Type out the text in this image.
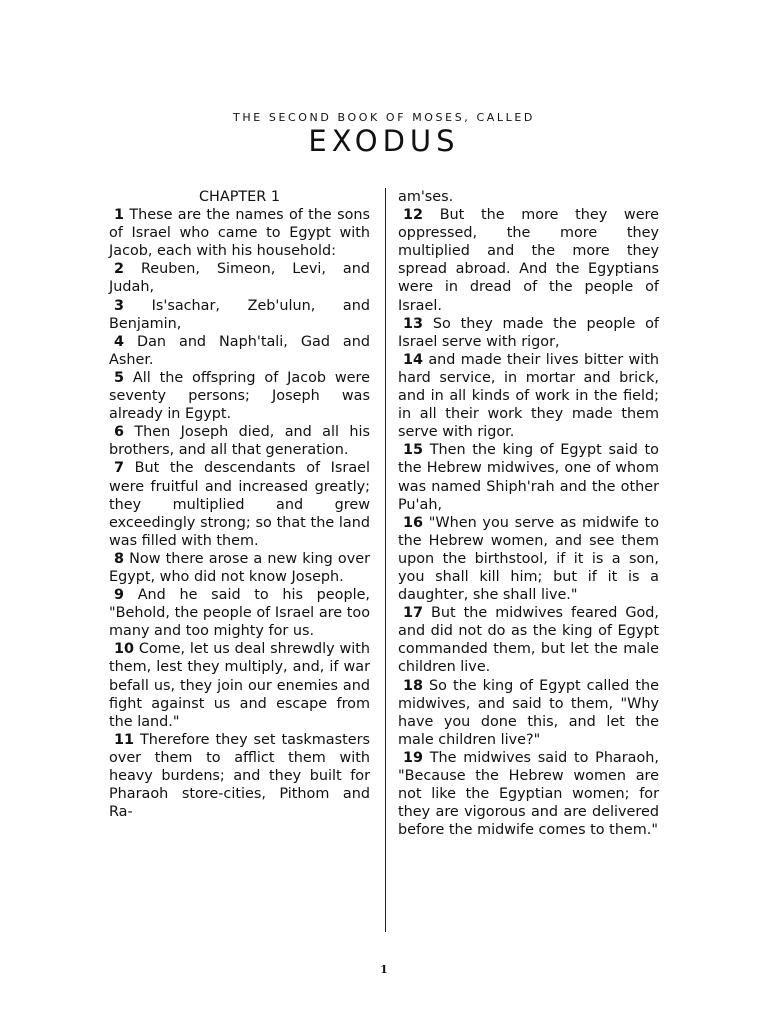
THE SECOND BOOK OF MOSES, CALLED
EXODUS

CHAPTER 1

1 These are the names of the sons of Israel who came to Egypt with Jacob, each with his household:

2 Reuben, Simeon, Levi, and Judah,

3 Is'sachar, Zeb'ulun, and Benjamin,

4 Dan and Naph'tali, Gad and Asher.

5 All the offspring of Jacob were seventy persons; Joseph was already in Egypt.

6 Then Joseph died, and all his brothers, and all that generation.

7 But the descendants of Israel were fruitful and increased greatly; they multiplied and grew exceedingly strong; so that the land was filled with them.

8 Now there arose a new king over Egypt, who did not know Joseph.

9 And he said to his people, "Behold, the people of Israel are too many and too mighty for us.

10 Come, let us deal shrewdly with them, lest they multiply, and, if war befall us, they join our enemies and fight against us and escape from the land."

11 Therefore they set taskmasters over them to afflict them with heavy burdens; and they built for Pharaoh store-cities, Pithom and Ra-

am'ses.

12 But the more they were oppressed, the more they multiplied and the more they spread abroad. And the Egyptians were in dread of the people of Israel.

13 So they made the people of Israel serve with rigor,

14 and made their lives bitter with hard service, in mortar and brick, and in all kinds of work in the field; in all their work they made them serve with rigor.

15 Then the king of Egypt said to the Hebrew midwives, one of whom was named Shiph'rah and the other Pu'ah,

16 "When you serve as midwife to the Hebrew women, and see them upon the birthstool, if it is a son, you shall kill him; but if it is a daughter, she shall live."

17 But the midwives feared God, and did not do as the king of Egypt commanded them, but let the male children live.

18 So the king of Egypt called the midwives, and said to them, "Why have you done this, and let the male children live?"

19 The midwives said to Pharaoh, "Because the Hebrew women are not like the Egyptian women; for they are vigorous and are delivered before the midwife comes to them."

1
